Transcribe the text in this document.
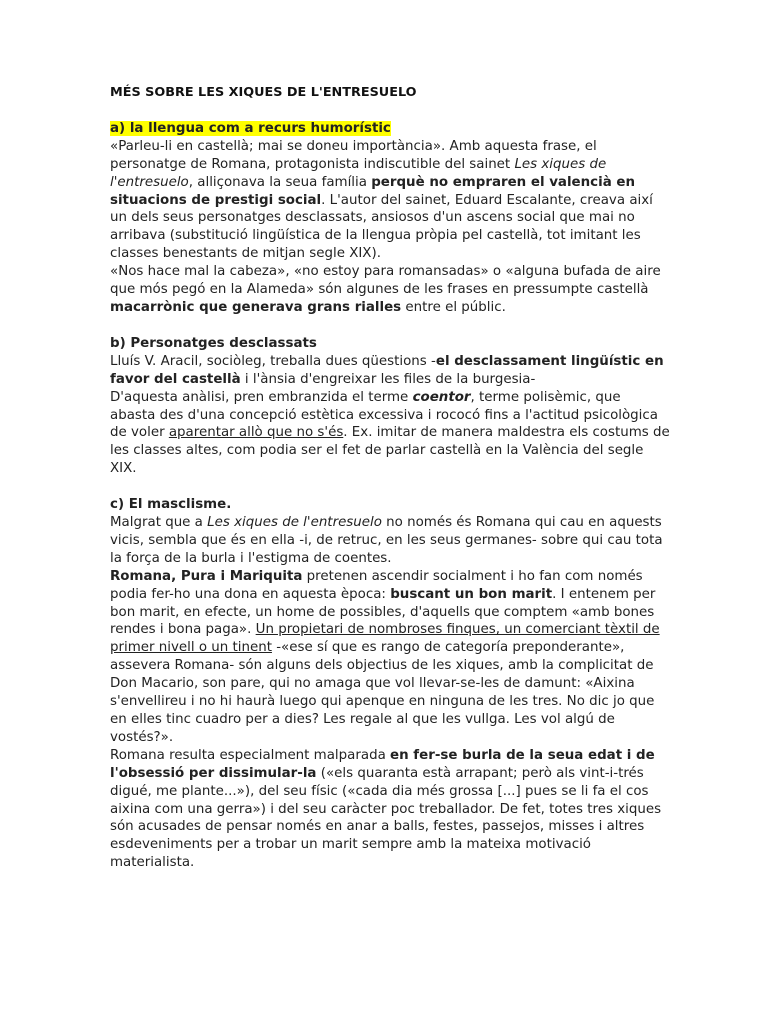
MÉS SOBRE LES XIQUES DE L'ENTRESUELO

a) la llengua com a recurs humorístic

«Parleu-li en castellà; mai se doneu importància». Amb aquesta frase, el personatge de Romana, protagonista indiscutible del sainet Les xiques de l'entresuelo, alliçonava la seua família perquè no empraren el valencià en situacions de prestigi social. L'autor del sainet, Eduard Escalante, creava així un dels seus personatges desclassats, ansiosos d'un ascens social que mai no arribava (substitució lingüística de la llengua pròpia pel castellà, tot imitant les classes benestants de mitjan segle XIX).

«Nos hace mal la cabeza», «no estoy para romansadas» o «alguna bufada de aire que mós pegó en la Alameda» són algunes de les frases en pressumpte castellà macarrònic que generava grans rialles entre el públic.

b) Personatges desclassats

Lluís V. Aracil, sociòleg, treballa dues qüestions -el desclassament lingüístic en favor del castellà i l'ànsia d'engreixar les files de la burgesia-

D'aquesta anàlisi, pren embranzida el terme coentor, terme polisèmic, que abasta des d'una concepció estètica excessiva i rococó fins a l'actitud psicològica de voler aparentar allò que no s'és. Ex. imitar de manera maldestra els costums de les classes altes, com podia ser el fet de parlar castellà en la València del segle XIX.

c) El masclisme.

Malgrat que a Les xiques de l'entresuelo no només és Romana qui cau en aquests vicis, sembla que és en ella -i, de retruc, en les seus germanes- sobre qui cau tota la força de la burla i l'estigma de coentes.

Romana, Pura i Mariquita pretenen ascendir socialment i ho fan com només podia fer-ho una dona en aquesta època: buscant un bon marit. I entenem per bon marit, en efecte, un home de possibles, d'aquells que comptem «amb bones rendes i bona paga». Un propietari de nombroses finques, un comerciant tèxtil de primer nivell o un tinent -«ese sí que es rango de categoría preponderante», assevera Romana- són alguns dels objectius de les xiques, amb la complicitat de Don Macario, son pare, qui no amaga que vol llevar-se-les de damunt: «Aixina s'envellireu i no hi haurà luego qui apenque en ninguna de les tres. No dic jo que en elles tinc cuadro per a dies? Les regale al que les vullga. Les vol algú de vostés?».

Romana resulta especialment malparada en fer-se burla de la seua edat i de l'obsessió per dissimular-la («els quaranta està arrapant; però als vint-i-trés digué, me plante...»), del seu físic («cada dia més grossa [...] pues se li fa el cos aixina com una gerra») i del seu caràcter poc treballador. De fet, totes tres xiques són acusades de pensar només en anar a balls, festes, passejos, misses i altres esdeveniments per a trobar un marit sempre amb la mateixa motivació materialista.
